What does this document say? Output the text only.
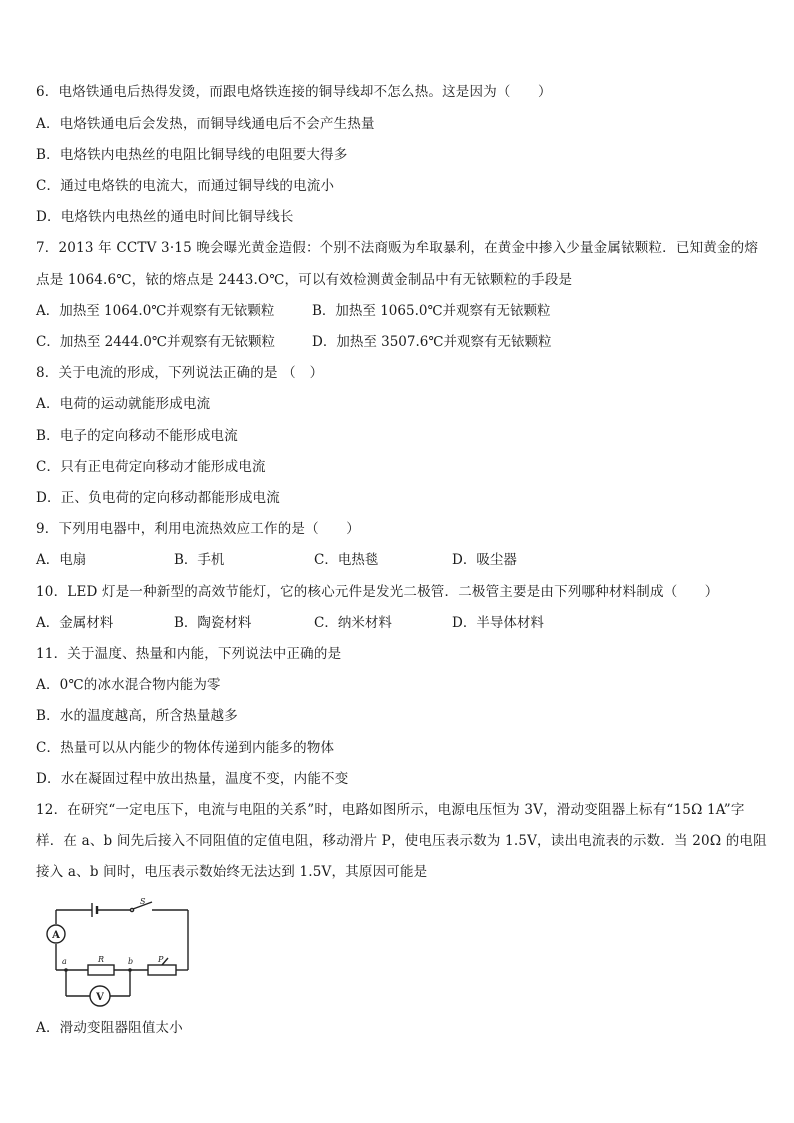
6．电烙铁通电后热得发烫，而跟电烙铁连接的铜导线却不怎么热。这是因为（　　）
A．电烙铁通电后会发热，而铜导线通电后不会产生热量
B．电烙铁内电热丝的电阻比铜导线的电阻要大得多
C．通过电烙铁的电流大，而通过铜导线的电流小
D．电烙铁内电热丝的通电时间比铜导线长
7．2013 年 CCTV 3·15 晚会曝光黄金造假：个别不法商贩为牟取暴利，在黄金中掺入少量金属铱颗粒．已知黄金的熔
点是 1064.6℃，铱的熔点是 2443.O℃，可以有效检测黄金制品中有无铱颗粒的手段是
A．加热至 1064.0℃并观察有无铱颗粒	B．加热至 1065.0℃并观察有无铱颗粒
C．加热至 2444.0℃并观察有无铱颗粒	D．加热至 3507.6℃并观察有无铱颗粒
8．关于电流的形成，下列说法正确的是 （　）
A．电荷的运动就能形成电流
B．电子的定向移动不能形成电流
C．只有正电荷定向移动才能形成电流
D．正、负电荷的定向移动都能形成电流
9．下列用电器中，利用电流热效应工作的是（　　）
A．电扇	B．手机	C．电热毯	D．吸尘器
10．LED 灯是一种新型的高效节能灯，它的核心元件是发光二极管．二极管主要是由下列哪种材料制成（　　）
A．金属材料	B．陶瓷材料	C．纳米材料	D．半导体材料
11．关于温度、热量和内能，下列说法中正确的是
A．0℃的冰水混合物内能为零
B．水的温度越高，所含热量越多
C．热量可以从内能少的物体传递到内能多的物体
D．水在凝固过程中放出热量，温度不变，内能不变
12．在研究“一定电压下，电流与电阻的关系”时，电路如图所示，电源电压恒为 3V，滑动变阻器上标有“15Ω 1A”字
样．在 a、b 间先后接入不同阻值的定值电阻，移动滑片 P，使电压表示数为 1.5V，读出电流表的示数．当 20Ω 的电阻
接入 a、b 间时，电压表示数始终无法达到 1.5V，其原因可能是
A
V
S
R
a	b	P
A．滑动变阻器阻值太小
